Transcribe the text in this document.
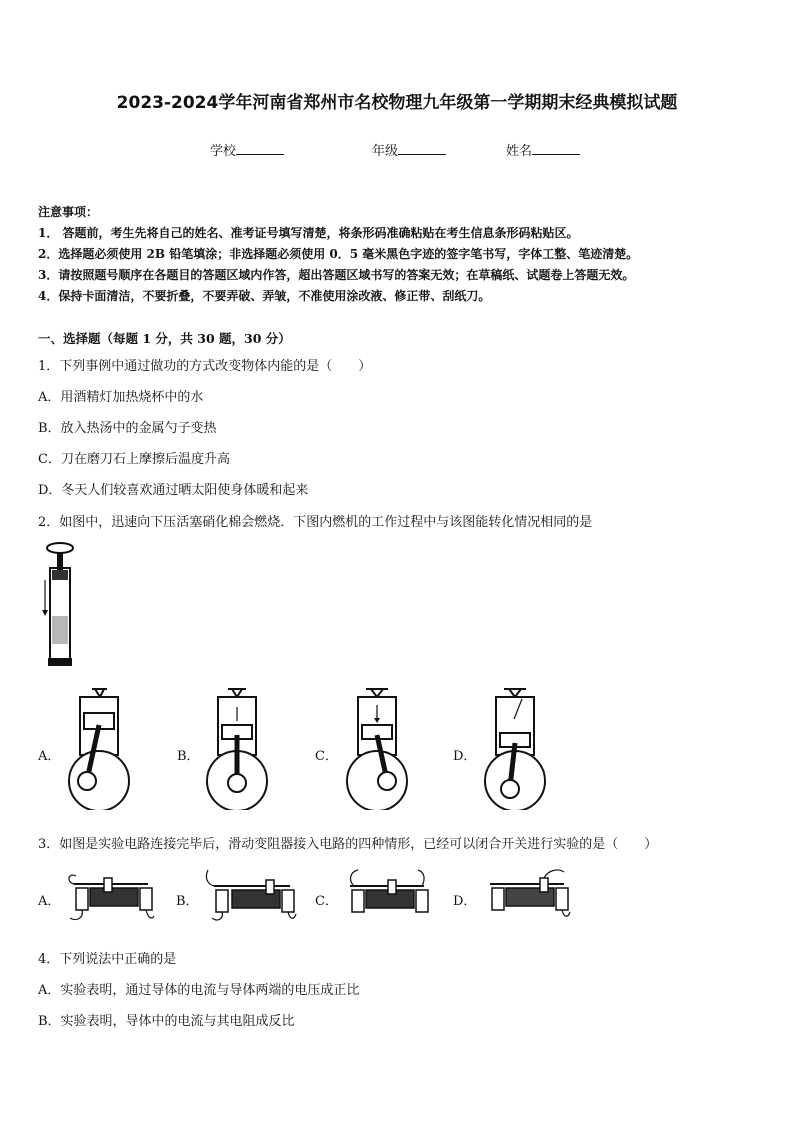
2023-2024学年河南省郑州市名校物理九年级第一学期期末经典模拟试题
学校	年级	姓名
注意事项：
1． 答题前，考生先将自己的姓名、准考证号填写清楚，将条形码准确粘贴在考生信息条形码粘贴区。
2．选择题必须使用 2B 铅笔填涂；非选择题必须使用 0．5 毫米黑色字迹的签字笔书写，字体工整、笔迹清楚。
3．请按照题号顺序在各题目的答题区域内作答，超出答题区域书写的答案无效；在草稿纸、试题卷上答题无效。
4．保持卡面清洁，不要折叠，不要弄破、弄皱，不准使用涂改液、修正带、刮纸刀。
一、选择题（每题 1 分，共 30 题，30 分）
1．下列事例中通过做功的方式改变物体内能的是（　　）
A．用酒精灯加热烧杯中的水
B．放入热汤中的金属勺子变热
C．刀在磨刀石上摩擦后温度升高
D．冬天人们较喜欢通过晒太阳使身体暖和起来
2．如图中，迅速向下压活塞硝化棉会燃烧．下图内燃机的工作过程中与该图能转化情况相同的是
A．	B．	C．	D．
3．如图是实验电路连接完毕后，滑动变阻器接入电路的四种情形，已经可以闭合开关进行实验的是（　　）
A．	B．	C．	D．
4．下列说法中正确的是
A．实验表明，通过导体的电流与导体两端的电压成正比
B．实验表明，导体中的电流与其电阻成反比
